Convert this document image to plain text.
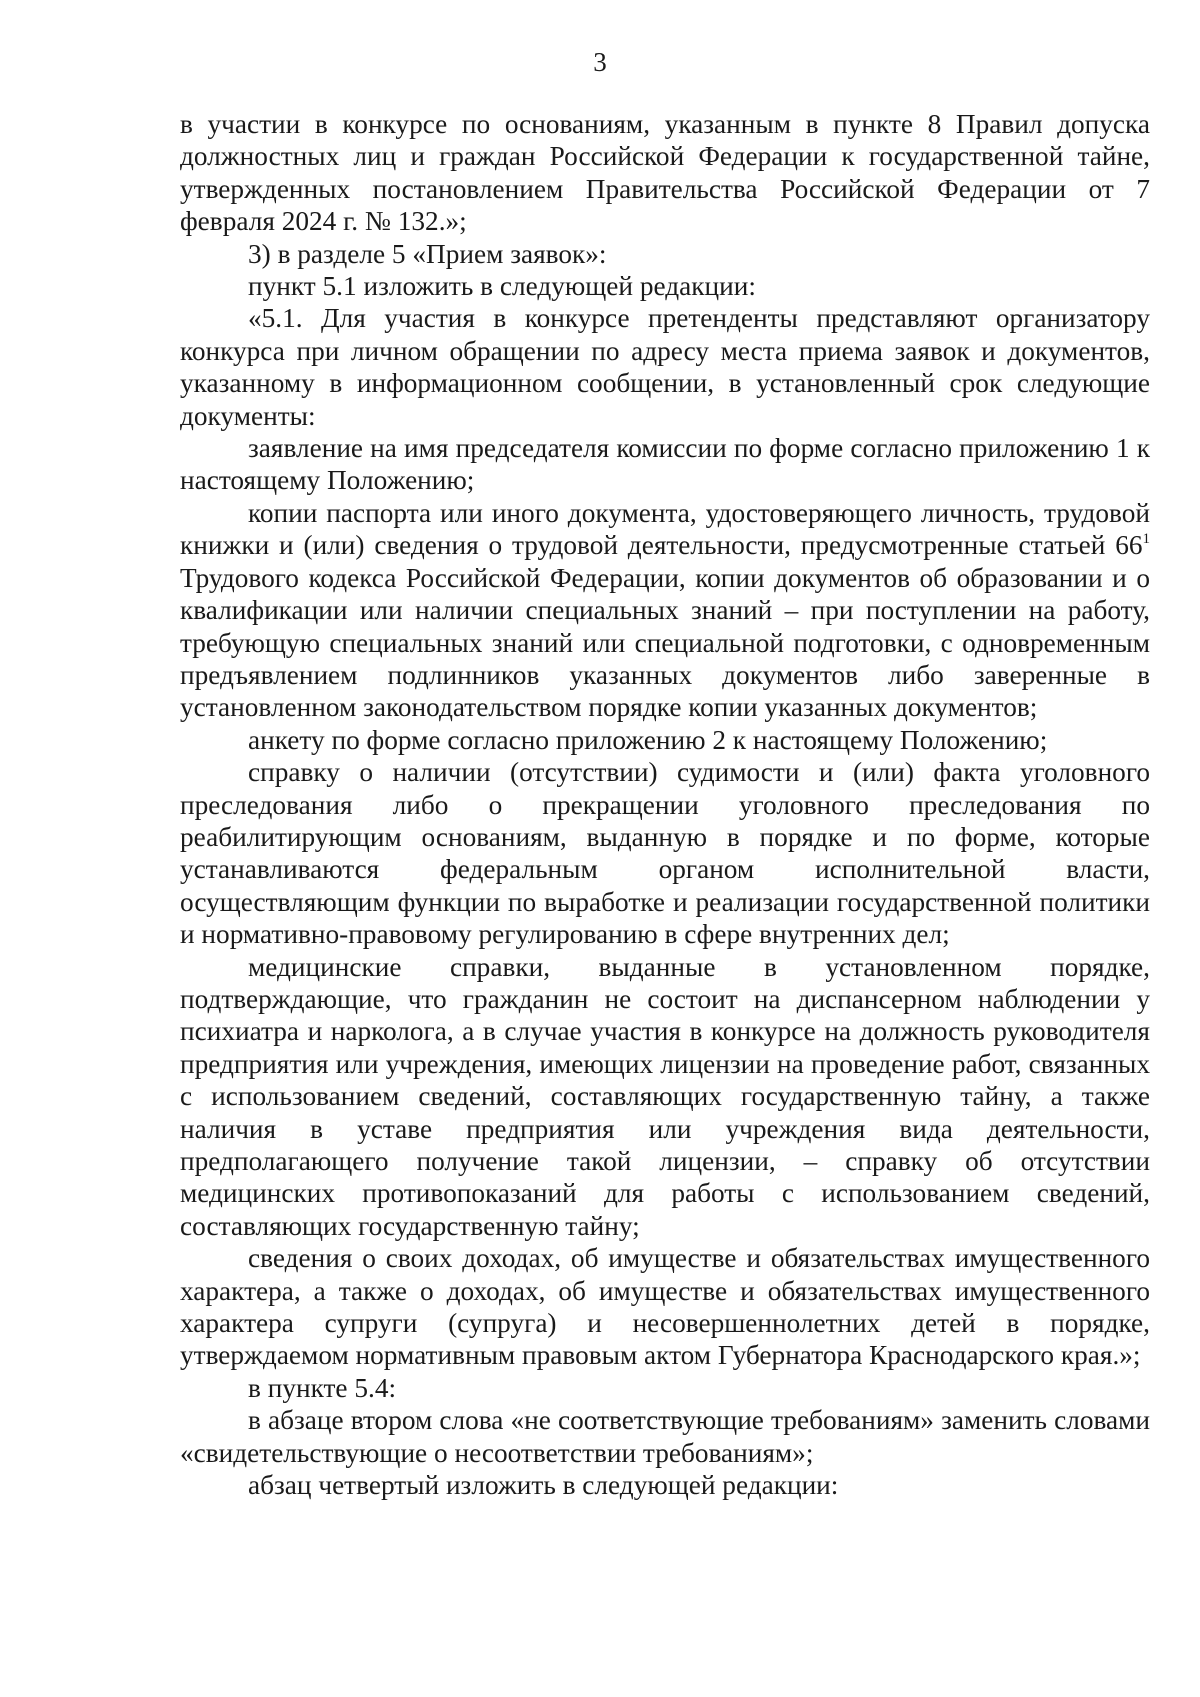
3

в участии в конкурсе по основаниям, указанным в пункте 8 Правил допуска должностных лиц и граждан Российской Федерации к государственной тайне, утвержденных постановлением Правительства Российской Федерации от 7 февраля 2024 г. № 132.»;

3) в разделе 5 «Прием заявок»:

пункт 5.1 изложить в следующей редакции:

«5.1. Для участия в конкурсе претенденты представляют организатору конкурса при личном обращении по адресу места приема заявок и документов, указанному в информационном сообщении, в установленный срок следующие документы:

заявление на имя председателя комиссии по форме согласно приложению 1 к настоящему Положению;

копии паспорта или иного документа, удостоверяющего личность, трудовой книжки и (или) сведения о трудовой деятельности, предусмотренные статьей $66^1$ Трудового кодекса Российской Федерации, копии документов об образовании и о квалификации или наличии специальных знаний – при поступлении на работу, требующую специальных знаний или специальной подготовки, с одновременным предъявлением подлинников указанных документов либо заверенные в установленном законодательством порядке копии указанных документов;

анкету по форме согласно приложению 2 к настоящему Положению;

справку о наличии (отсутствии) судимости и (или) факта уголовного преследования либо о прекращении уголовного преследования по реабилитирующим основаниям, выданную в порядке и по форме, которые устанавливаются федеральным органом исполнительной власти, осуществляющим функции по выработке и реализации государственной политики и нормативно-правовому регулированию в сфере внутренних дел;

медицинские справки, выданные в установленном порядке, подтверждающие, что гражданин не состоит на диспансерном наблюдении у психиатра и нарколога, а в случае участия в конкурсе на должность руководителя предприятия или учреждения, имеющих лицензии на проведение работ, связанных с использованием сведений, составляющих государственную тайну, а также наличия в уставе предприятия или учреждения вида деятельности, предполагающего получение такой лицензии, – справку об отсутствии медицинских противопоказаний для работы с использованием сведений, составляющих государственную тайну;

сведения о своих доходах, об имуществе и обязательствах имущественного характера, а также о доходах, об имуществе и обязательствах имущественного характера супруги (супруга) и несовершеннолетних детей в порядке, утверждаемом нормативным правовым актом Губернатора Краснодарского края.»;

в пункте 5.4:

в абзаце втором слова «не соответствующие требованиям» заменить словами «свидетельствующие о несоответствии требованиям»;

абзац четвертый изложить в следующей редакции:
